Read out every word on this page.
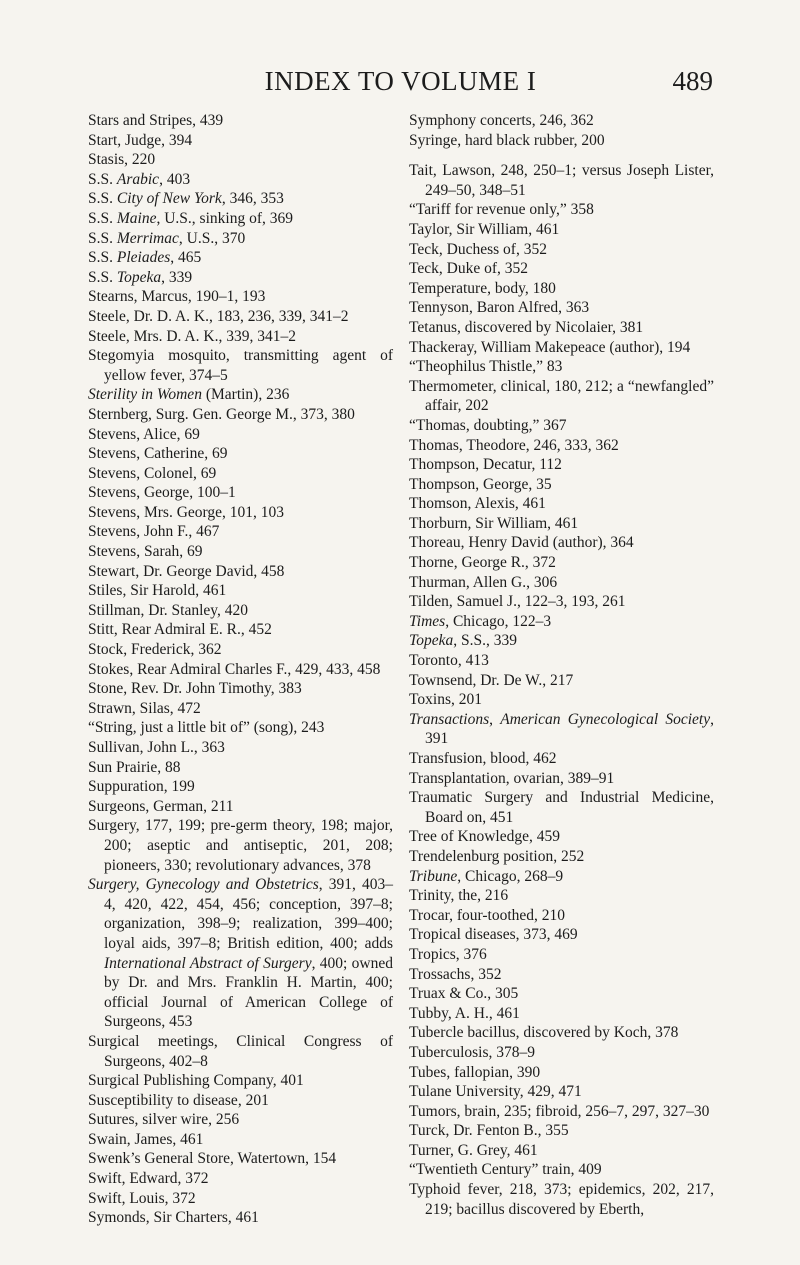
INDEX TO VOLUME I	489

Stars and Stripes, 439

Start, Judge, 394

Stasis, 220

S.S. Arabic, 403

S.S. City of New York, 346, 353

S.S. Maine, U.S., sinking of, 369

S.S. Merrimac, U.S., 370

S.S. Pleiades, 465

S.S. Topeka, 339

Stearns, Marcus, 190–1, 193

Steele, Dr. D. A. K., 183, 236, 339, 341–2

Steele, Mrs. D. A. K., 339, 341–2

Stegomyia mosquito, transmitting agent of yellow fever, 374–5

Sterility in Women (Martin), 236

Sternberg, Surg. Gen. George M., 373, 380

Stevens, Alice, 69

Stevens, Catherine, 69

Stevens, Colonel, 69

Stevens, George, 100–1

Stevens, Mrs. George, 101, 103

Stevens, John F., 467

Stevens, Sarah, 69

Stewart, Dr. George David, 458

Stiles, Sir Harold, 461

Stillman, Dr. Stanley, 420

Stitt, Rear Admiral E. R., 452

Stock, Frederick, 362

Stokes, Rear Admiral Charles F., 429, 433, 458

Stone, Rev. Dr. John Timothy, 383

Strawn, Silas, 472

“String, just a little bit of” (song), 243

Sullivan, John L., 363

Sun Prairie, 88

Suppuration, 199

Surgeons, German, 211

Surgery, 177, 199; pre-germ theory, 198; major, 200; aseptic and antiseptic, 201, 208; pioneers, 330; revolutionary advances, 378

Surgery, Gynecology and Obstetrics, 391, 403–4, 420, 422, 454, 456; conception, 397–8; organization, 398–9; realization, 399–400; loyal aids, 397–8; British edition, 400; adds International Abstract of Surgery, 400; owned by Dr. and Mrs. Franklin H. Martin, 400; official Journal of American College of Surgeons, 453

Surgical meetings, Clinical Congress of Surgeons, 402–8

Surgical Publishing Company, 401

Susceptibility to disease, 201

Sutures, silver wire, 256

Swain, James, 461

Swenk’s General Store, Watertown, 154

Swift, Edward, 372

Swift, Louis, 372

Symonds, Sir Charters, 461

Symphony concerts, 246, 362

Syringe, hard black rubber, 200

Tait, Lawson, 248, 250–1; versus Joseph Lister, 249–50, 348–51

“Tariff for revenue only,” 358

Taylor, Sir William, 461

Teck, Duchess of, 352

Teck, Duke of, 352

Temperature, body, 180

Tennyson, Baron Alfred, 363

Tetanus, discovered by Nicolaier, 381

Thackeray, William Makepeace (author), 194

“Theophilus Thistle,” 83

Thermometer, clinical, 180, 212; a “newfangled” affair, 202

“Thomas, doubting,” 367

Thomas, Theodore, 246, 333, 362

Thompson, Decatur, 112

Thompson, George, 35

Thomson, Alexis, 461

Thorburn, Sir William, 461

Thoreau, Henry David (author), 364

Thorne, George R., 372

Thurman, Allen G., 306

Tilden, Samuel J., 122–3, 193, 261

Times, Chicago, 122–3

Topeka, S.S., 339

Toronto, 413

Townsend, Dr. De W., 217

Toxins, 201

Transactions, American Gynecological Society, 391

Transfusion, blood, 462

Transplantation, ovarian, 389–91

Traumatic Surgery and Industrial Medicine, Board on, 451

Tree of Knowledge, 459

Trendelenburg position, 252

Tribune, Chicago, 268–9

Trinity, the, 216

Trocar, four-toothed, 210

Tropical diseases, 373, 469

Tropics, 376

Trossachs, 352

Truax & Co., 305

Tubby, A. H., 461

Tubercle bacillus, discovered by Koch, 378

Tuberculosis, 378–9

Tubes, fallopian, 390

Tulane University, 429, 471

Tumors, brain, 235; fibroid, 256–7, 297, 327–30

Turck, Dr. Fenton B., 355

Turner, G. Grey, 461

“Twentieth Century” train, 409

Typhoid fever, 218, 373; epidemics, 202, 217, 219; bacillus discovered by Eberth,
